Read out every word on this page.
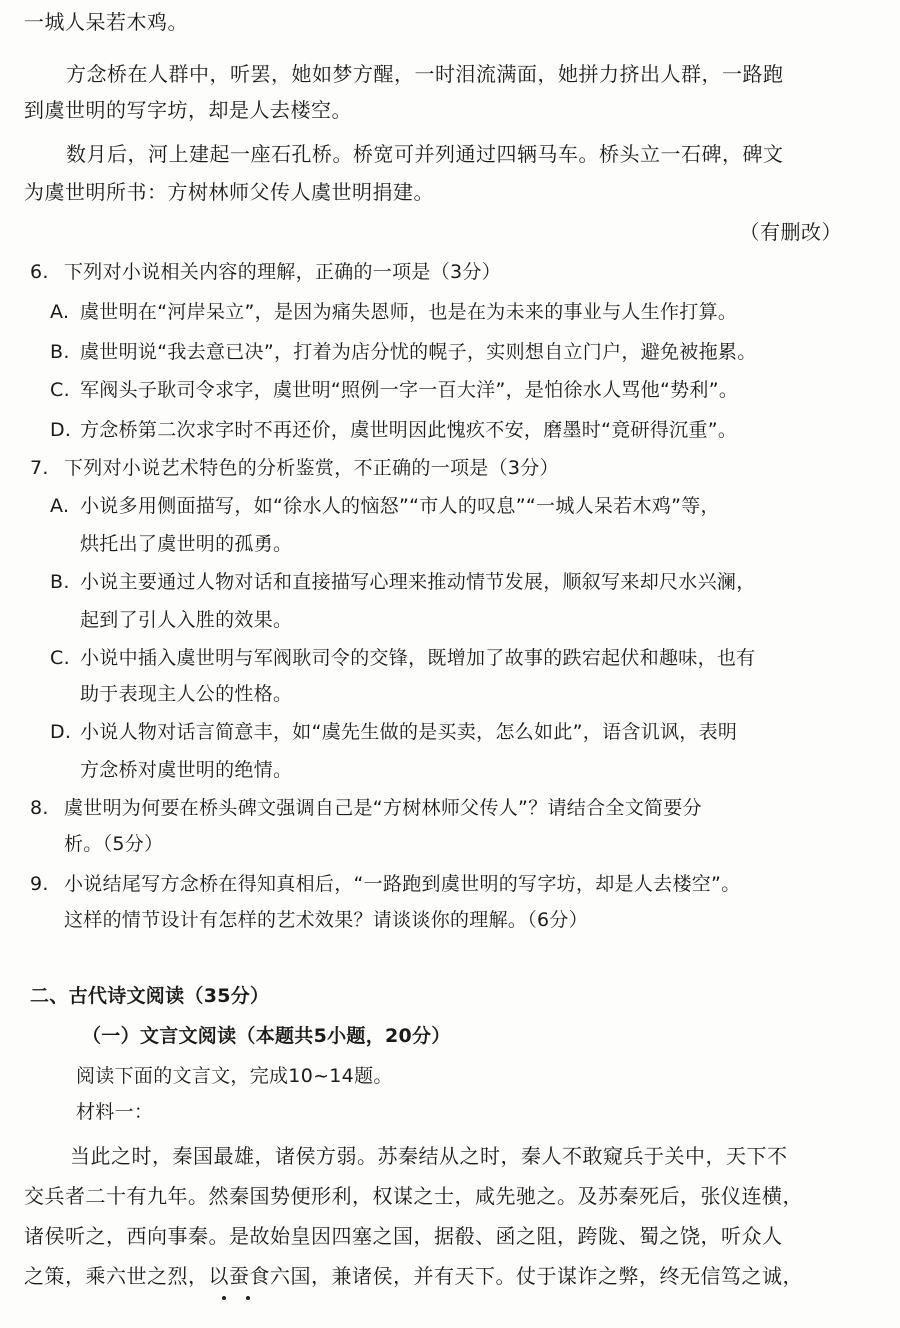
一城人呆若木鸡。
方念桥在人群中，听罢，她如梦方醒，一时泪流满面，她拼力挤出人群，一路跑
到虞世明的写字坊，却是人去楼空。
数月后，河上建起一座石孔桥。桥宽可并列通过四辆马车。桥头立一石碑，碑文
为虞世明所书：方树林师父传人虞世明捐建。
（有删改）
6. 下列对小说相关内容的理解，正确的一项是（3分）
A. 虞世明在“河岸呆立”，是因为痛失恩师，也是在为未来的事业与人生作打算。
B. 虞世明说“我去意已决”，打着为店分忧的幌子，实则想自立门户，避免被拖累。
C. 军阀头子耿司令求字，虞世明“照例一字一百大洋”，是怕徐水人骂他“势利”。
D. 方念桥第二次求字时不再还价，虞世明因此愧疚不安，磨墨时“竟研得沉重”。
7. 下列对小说艺术特色的分析鉴赏，不正确的一项是（3分）
A. 小说多用侧面描写，如“徐水人的恼怒”“市人的叹息”“一城人呆若木鸡”等，
烘托出了虞世明的孤勇。
B. 小说主要通过人物对话和直接描写心理来推动情节发展，顺叙写来却尺水兴澜，
起到了引人入胜的效果。
C. 小说中插入虞世明与军阀耿司令的交锋，既增加了故事的跌宕起伏和趣味，也有
助于表现主人公的性格。
D. 小说人物对话言简意丰，如“虞先生做的是买卖，怎么如此”，语含讥讽，表明
方念桥对虞世明的绝情。
8. 虞世明为何要在桥头碑文强调自己是“方树林师父传人”？请结合全文简要分
析。（5分）
9. 小说结尾写方念桥在得知真相后，“一路跑到虞世明的写字坊，却是人去楼空”。
这样的情节设计有怎样的艺术效果？请谈谈你的理解。（6分）
二、古代诗文阅读（35分）
（一）文言文阅读（本题共5小题，20分）
阅读下面的文言文，完成10~14题。
材料一：
当此之时，秦国最雄，诸侯方弱。苏秦结从之时，秦人不敢窥兵于关中，天下不
交兵者二十有九年。然秦国势便形利，权谋之士，咸先驰之。及苏秦死后，张仪连横，
诸侯听之，西向事秦。是故始皇因四塞之国，据殽、函之阻，跨陇、蜀之饶，听众人
之策，乘六世之烈，以蚕食六国，兼诸侯，并有天下。仗于谋诈之弊，终无信笃之诚，
